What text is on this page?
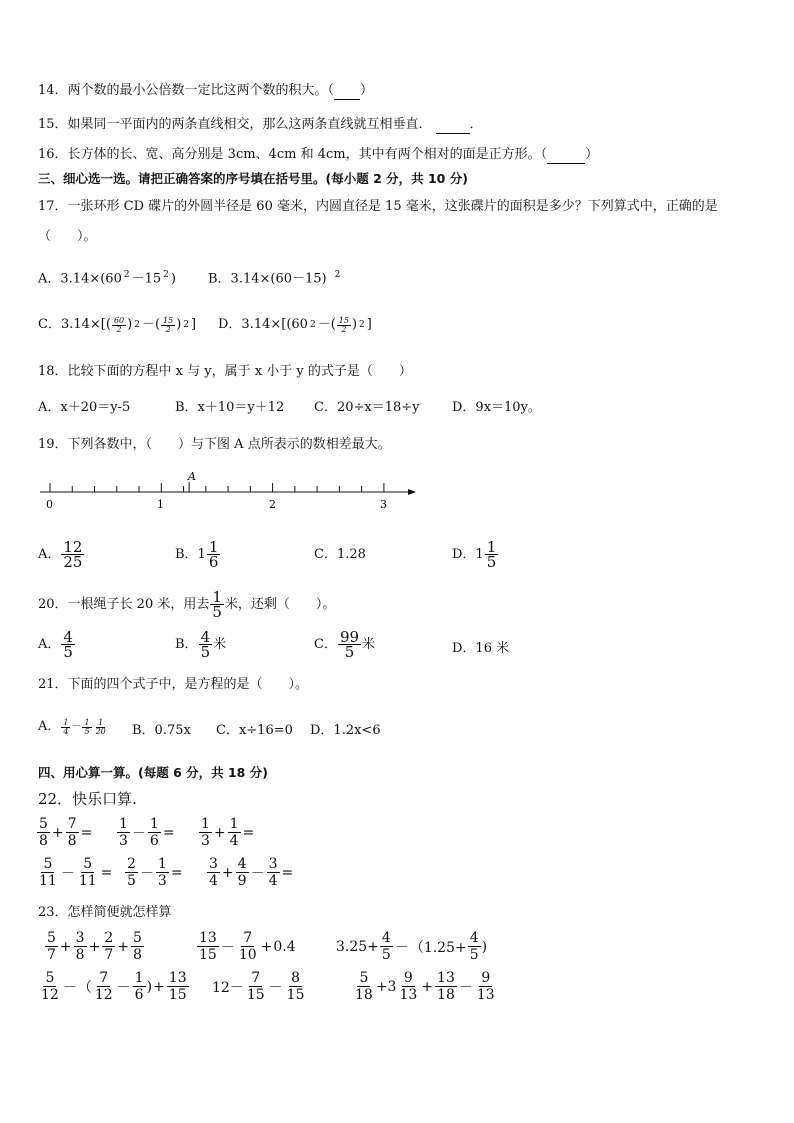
14．两个数的最小公倍数一定比这两个数的积大。（ ）
15．如果同一平面内的两条直线相交，那么这两条直线就互相垂直．	．
16．长方体的长、宽、高分别是 3cm、4cm 和 4cm，其中有两个相对的面是正方形。（	）
三、细心选一选。请把正确答案的序号填在括号里。(每小题 2 分，共 10 分)
17．一张环形 CD 碟片的外圆半径是 60 毫米，内圆直径是 15 毫米，这张碟片的面积是多少？下列算式中，正确的是
（　　）。
A．3.14×(60 $^2$ －15 $^2$ ) B．3.14×(60－15) $^2$
C．$3.14\times[( \frac{60}{2}$ ) 2 －( $\frac{15}{2}$ ) 2 ] D．3.14×[(60 2 －( $\frac{15}{2}$ ) 2 ]
18．比较下面的方程中 x 与 y，属于 x 小于 y 的式子是（　　）
A．x＋20＝y-5	B．x＋10＝y＋12 C．20÷x＝18÷y	D．9x＝10y。
19．下列各数中，（　　）与下图 A 点所表示的数相差最大。
A
0	1	2	3
A． $\frac{12}{25}$	B．$1 \frac{1}{6}$	C．1.28	D．$1 \frac{1}{5}$
20．一根绳子长 20 米，用去 $\frac{1}{5}$ 米，还剩（　　）。
A． $\frac{4}{5}$	B． $\frac{4}{5}$ 米	C． $\frac{99}{5}$ 米	D．16 米
21．下面的四个式子中，是方程的是（　　）。
A． $\frac{1}{4} - \frac{1}{5} \frac{1}{20}$ B．0.75x C．x÷16=0 D．1.2x<6
四、用心算一算。(每题 6 分，共 18 分)
22．快乐口算.
$\frac{5}{8} + \frac{7}{8} = \frac{1}{3} - \frac{1}{6} = \frac{1}{3} + \frac{1}{4}$ =
$\frac{5}{11} - \frac{5}{11} = \frac{2}{5} - \frac{1}{3} = \frac{3}{4} + \frac{4}{9} - \frac{3}{4}$ =
23．怎样简便就怎样算
$\frac{5}{7} + \frac{3}{8} + \frac{2}{7} + \frac{5}{8}$	$\frac{13}{15} - \frac{7}{10} + 0.4$	$3.25+ \frac{4}{5} - (1.25+ \frac{4}{5}$ )
$\frac{5}{12}$ － （ $\frac{7}{12} - \frac{1}{6}$ ) + $\frac{13}{15} 12- \frac{7}{15} - \frac{8}{15}$	$\frac{5}{18} +3 \frac{9}{13} + \frac{13}{18} - \frac{9}{13}$
